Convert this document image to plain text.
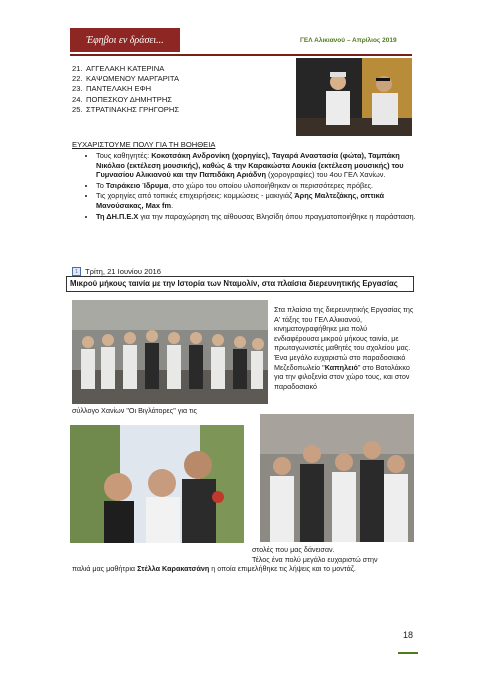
Έφηβοι εν δράσει...	ΓΕΛ Αλικιανού – Απρίλιος 2019
21. ΑΓΓΕΛΑΚΗ ΚΑΤΕΡΙΝΑ
22. ΚΑΨΩΜΕΝΟΥ ΜΑΡΓΑΡΙΤΑ
23. ΠΑΝΤΕΛΑΚΗ ΕΦΗ
24. ΠΟΠΕΣΚΟΥ ΔΗΜΗΤΡΗΣ
25. ΣΤΡΑΤΙΝΑΚΗΣ ΓΡΗΓΟΡΗΣ
ΕΥΧΑΡΙΣΤΟΥΜΕ ΠΟΛΥ ΓΙΑ ΤΗ ΒΟΗΘΕΙΑ
• Τους καθηγητές: Κοκοτσάκη Ανδρονίκη (χορηγίες), Ταγαρά Αναστασία (φώτα), Ταμπάκη Νικόλαο (εκτέλεση μουσικής), καθώς & την Καρακώστα Λουκία (εκτέλεση μουσικής) του Γυμνασίου Αλικιανού και την Παπιδάκη Αριάδνη (χορογραφίες) του 4ου ΓΕΛ Χανίων.
• Το Τσιράκειο Ίδρυμα, στο χώρο του οποίου υλοποιήθηκαν οι περισσότερες πρόβες.
• Τις χορηγίες από τοπικές επιχειρήσεις: κομμώσεις - μακιγιάζ Άρης Μαλτεζάκης, οπτικά Μανούσακας, Max fm.
• Τη ΔΗ.Π.Ε.Χ για την παραχώρηση της αίθουσας Βλησίδη όπου πραγματοποιήθηκε η παράσταση.
1 Τρίτη, 21 Ιουνίου 2016
Μικρού μήκους ταινία με την Ιστορία των Νταμολίν, στα πλαίσια διερευνητικής Εργασίας
Στα πλαίσια της διερευνητικής Εργασίας της Α' τάξης του ΓΕΛ Αλικιανού, κινηματογραφήθηκε μια πολύ ενδιαφέρουσα μικρού μήκους ταινία, με πρωταγωνιστές μαθητές του σχολείου μας. Ένα μεγάλο ευχαριστώ στο παραδοσιακό Μεζεδοπωλείο "Καπηλειό" στο Βατολάκκο για την φιλοξενία στον χώρο τους, και στον παραδοσιακό
σύλλογο Χανίων "Οι Βιγλάτορες" για τις
στολές που μας δάνεισαν.
Τέλος ένα πολύ μεγάλο ευχαριστώ στην
παλιά μας μαθήτρια Στέλλα Καρακατσάνη η οποία επιμελήθηκε τις λήψεις και το μοντάζ.
18
